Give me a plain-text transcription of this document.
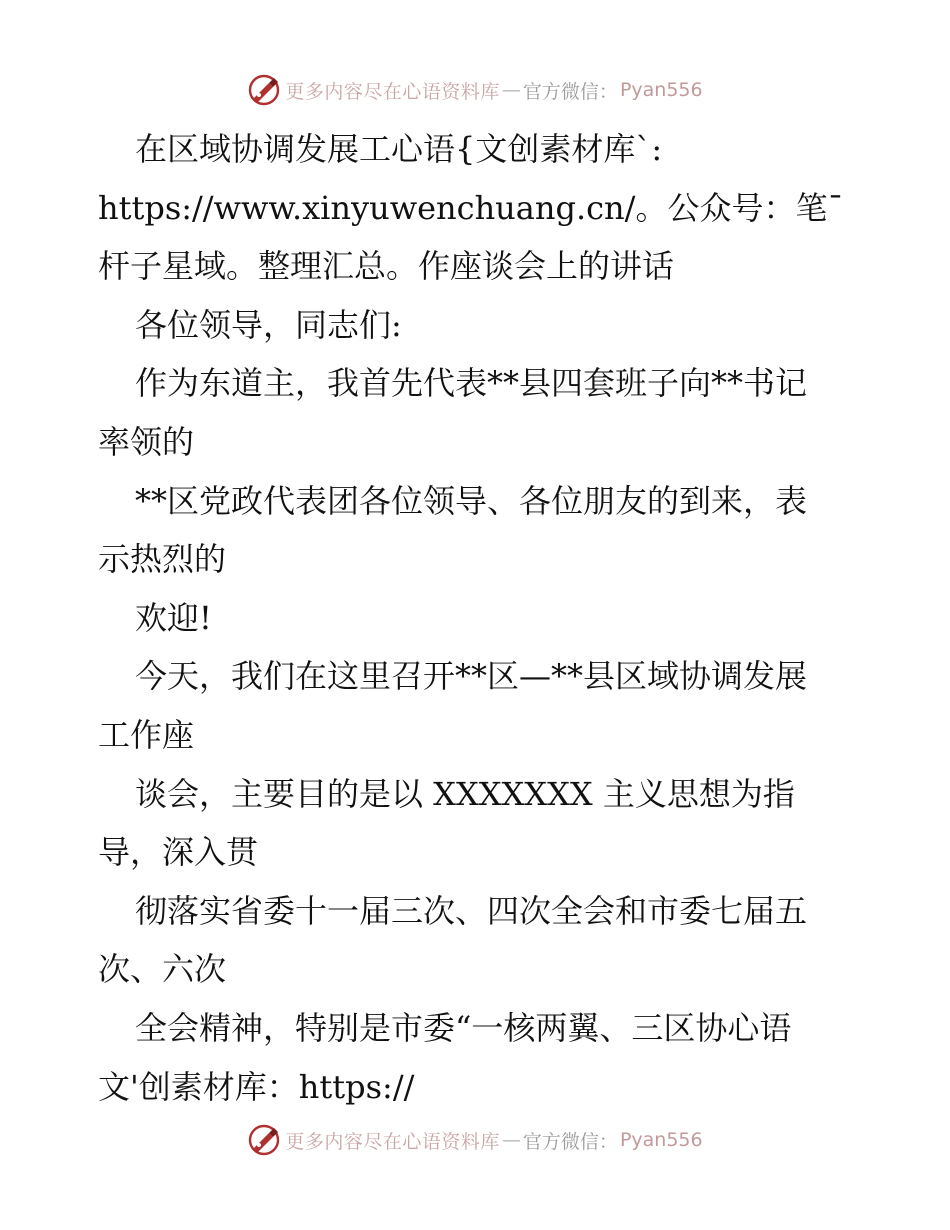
更多内容尽在心语资料库 — 官方微信： Pyan556
在区域协调发展工心语{文创素材库`:
https://www.xinyuwenchuang.cn/。公众号：笔¯
杆子星域。整理汇总。作座谈会上的讲话
各位领导，同志们:
作为东道主，我首先代表**县四套班子向**书记
率领的
**区党政代表团各位领导、各位朋友的到来，表
示热烈的
欢迎!
今天，我们在这里召开**区—**县区域协调发展
工作座
谈会，主要目的是以 XXXXXXX 主义思想为指
导，深入贯
彻落实省委十一届三次、四次全会和市委七届五
次、六次
全会精神，特别是市委“一核两翼、三区协心语
文'创素材库：https://
更多内容尽在心语资料库 — 官方微信： Pyan556
